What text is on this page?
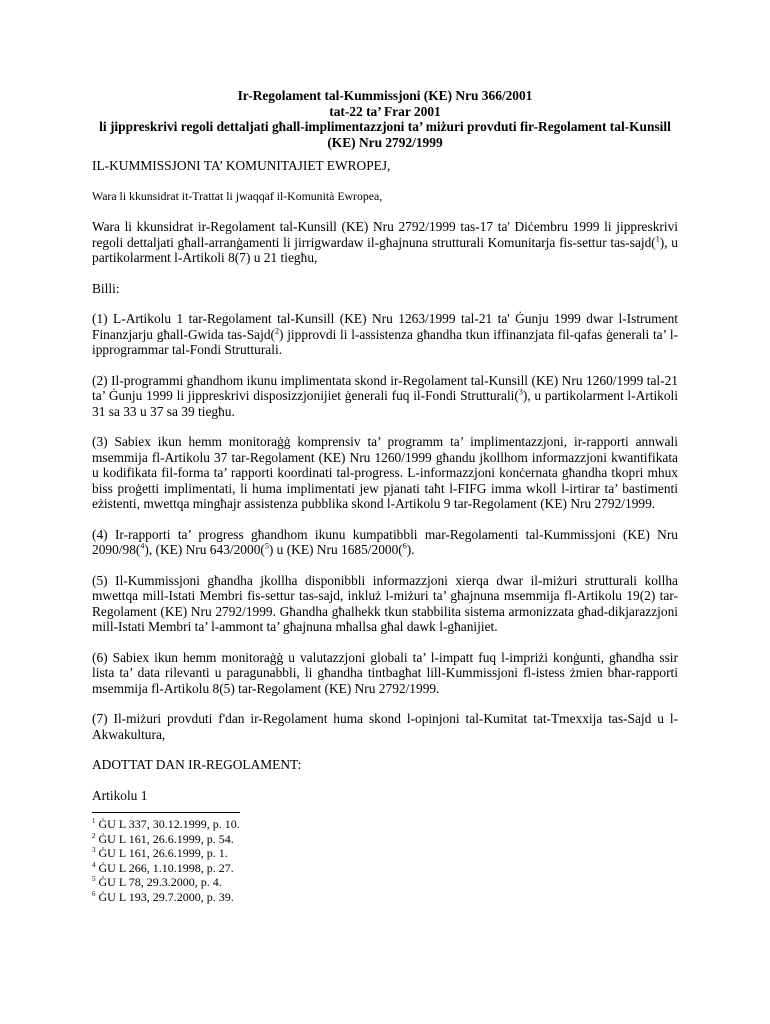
Ir-Regolament tal-Kummissjoni (KE) Nru 366/2001
tat-22 ta’ Frar 2001
li jippreskrivi regoli dettaljati għall-implimentazzjoni ta’ miżuri provduti fir-Regolament tal-Kunsill (KE) Nru 2792/1999

IL-KUMMISSJONI TA’ KOMUNITAJIET EWROPEJ,

Wara li kkunsidrat it-Trattat li jwaqqaf il-Komunità Ewropea,

Wara li kkunsidrat ir-Regolament tal-Kunsill (KE) Nru 2792/1999 tas-17 ta' Diċembru 1999 li jippreskrivi regoli dettaljati għall-arranġamenti li jirrigwardaw il-għajnuna strutturali Komunitarja fis-settur tas-sajd($^1$), u partikolarment l-Artikoli 8(7) u 21 tiegħu,

Billi:

(1) L-Artikolu 1 tar-Regolament tal-Kunsill (KE) Nru 1263/1999 tal-21 ta' Ġunju 1999 dwar l-Istrument Finanzjarju għall-Gwida tas-Sajd($^2$) jipprovdi li l-assistenza għandha tkun iffinanzjata fil-qafas ġenerali ta’ l-ipprogrammar tal-Fondi Strutturali.

(2) Il-programmi għandhom ikunu implimentata skond ir-Regolament tal-Kunsill (KE) Nru 1260/1999 tal-21 ta’ Ġunju 1999 li jippreskrivi disposizzjonijiet ġenerali fuq il-Fondi Strutturali($^3$), u partikolarment l-Artikoli 31 sa 33 u 37 sa 39 tiegħu.

(3) Sabiex ikun hemm monitoraġġ komprensiv ta’ programm ta’ implimentazzjoni, ir-rapporti annwali msemmija fl-Artikolu 37 tar-Regolament (KE) Nru 1260/1999 għandu jkollhom informazzjoni kwantifikata u kodifikata fil-forma ta’ rapporti koordinati tal-progress. L-informazzjoni konċernata għandha tkopri mhux biss proġetti implimentati, li huma implimentati jew pjanati taħt l-FIFG imma wkoll l-irtirar ta’ bastimenti eżistenti, mwettqa mingħajr assistenza pubblika skond l-Artikolu 9 tar-Regolament (KE) Nru 2792/1999.

(4) Ir-rapporti ta’ progress għandhom ikunu kumpatibbli mar-Regolamenti tal-Kummissjoni (KE) Nru 2090/98($^4$), (KE) Nru 643/2000($^5$) u (KE) Nru 1685/2000($^6$).

(5) Il-Kummissjoni għandha jkollha disponibbli informazzjoni xierqa dwar il-miżuri strutturali kollha mwettqa mill-Istati Membri fis-settur tas-sajd, inkluż l-miżuri ta’ għajnuna msemmija fl-Artikolu 19(2) tar-Regolament (KE) Nru 2792/1999. Għandha għalhekk tkun stabbilita sistema armonizzata għad-dikjarazzjoni mill-Istati Membri ta’ l-ammont ta’ għajnuna mħallsa għal dawk l-għanijiet.

(6) Sabiex ikun hemm monitoraġġ u valutazzjoni globali ta’ l-impatt fuq l-impriżi konġunti, għandha ssir lista ta’ data rilevanti u paragunabbli, li għandha tintbagħat lill-Kummissjoni fl-istess żmien bħar-rapporti msemmija fl-Artikolu 8(5) tar-Regolament (KE) Nru 2792/1999.

(7) Il-miżuri provduti f'dan ir-Regolament huma skond l-opinjoni tal-Kumitat tat-Tmexxija tas-Sajd u l-Akwakultura,

ADOTTAT DAN IR-REGOLAMENT:

Artikolu 1

$^1$ ĠU L 337, 30.12.1999, p. 10.

$^2$ ĠU L 161, 26.6.1999, p. 54.

$^3$ ĠU L 161, 26.6.1999, p. 1.

$^4$ ĠU L 266, 1.10.1998, p. 27.

$^5$ ĠU L 78, 29.3.2000, p. 4.

$^6$ ĠU L 193, 29.7.2000, p. 39.
